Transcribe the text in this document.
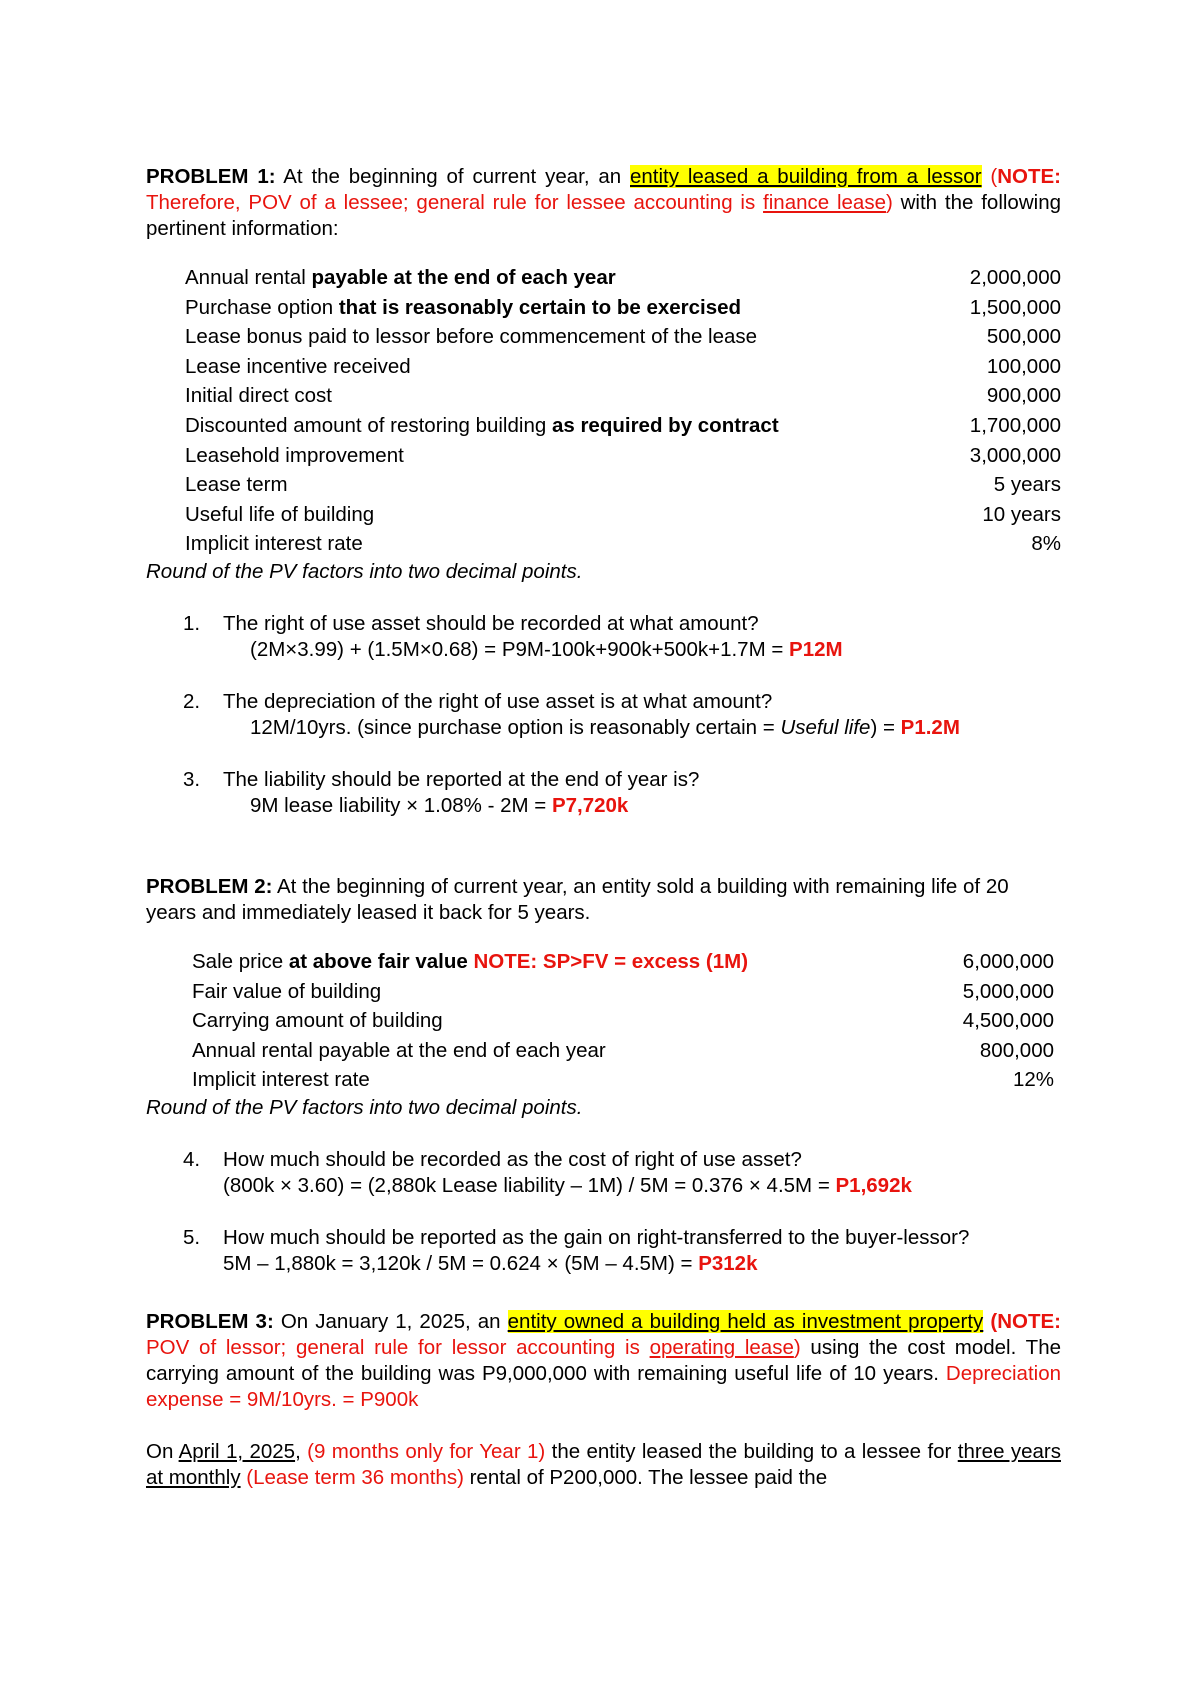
PROBLEM 1: At the beginning of current year, an entity leased a building from a lessor (NOTE: Therefore, POV of a lessee; general rule for lessee accounting is finance lease) with the following pertinent information:

Annual rental payable at the end of each year	2,000,000
Purchase option that is reasonably certain to be exercised	1,500,000
Lease bonus paid to lessor before commencement of the lease	500,000
Lease incentive received	100,000
Initial direct cost	900,000
Discounted amount of restoring building as required by contract	1,700,000
Leasehold improvement	3,000,000
Lease term	5 years
Useful life of building	10 years
Implicit interest rate	8%

Round of the PV factors into two decimal points.

1.	The right of use asset should be recorded at what amount?

(2M×3.99) + (1.5M×0.68) = P9M-100k+900k+500k+1.7M = P12M

2.	The depreciation of the right of use asset is at what amount?

12M/10yrs. (since purchase option is reasonably certain = Useful life) = P1.2M

3.	The liability should be reported at the end of year is?

9M lease liability × 1.08% - 2M = P7,720k

PROBLEM 2: At the beginning of current year, an entity sold a building with remaining life of 20 years and immediately leased it back for 5 years.

Sale price at above fair value NOTE: SP>FV = excess (1M)	6,000,000
Fair value of building	5,000,000
Carrying amount of building	4,500,000
Annual rental payable at the end of each year	800,000
Implicit interest rate	12%

Round of the PV factors into two decimal points.

4.	How much should be recorded as the cost of right of use asset?

(800k × 3.60) = (2,880k Lease liability – 1M) / 5M = 0.376 × 4.5M = P1,692k

5.	How much should be reported as the gain on right-transferred to the buyer-lessor?

5M – 1,880k = 3,120k / 5M = 0.624 × (5M – 4.5M) = P312k

PROBLEM 3: On January 1, 2025, an entity owned a building held as investment property (NOTE: POV of lessor; general rule for lessor accounting is operating lease) using the cost model. The carrying amount of the building was P9,000,000 with remaining useful life of 10 years. Depreciation expense = 9M/10yrs. = P900k

On April 1, 2025, (9 months only for Year 1) the entity leased the building to a lessee for three years at monthly (Lease term 36 months) rental of P200,000. The lessee paid the
